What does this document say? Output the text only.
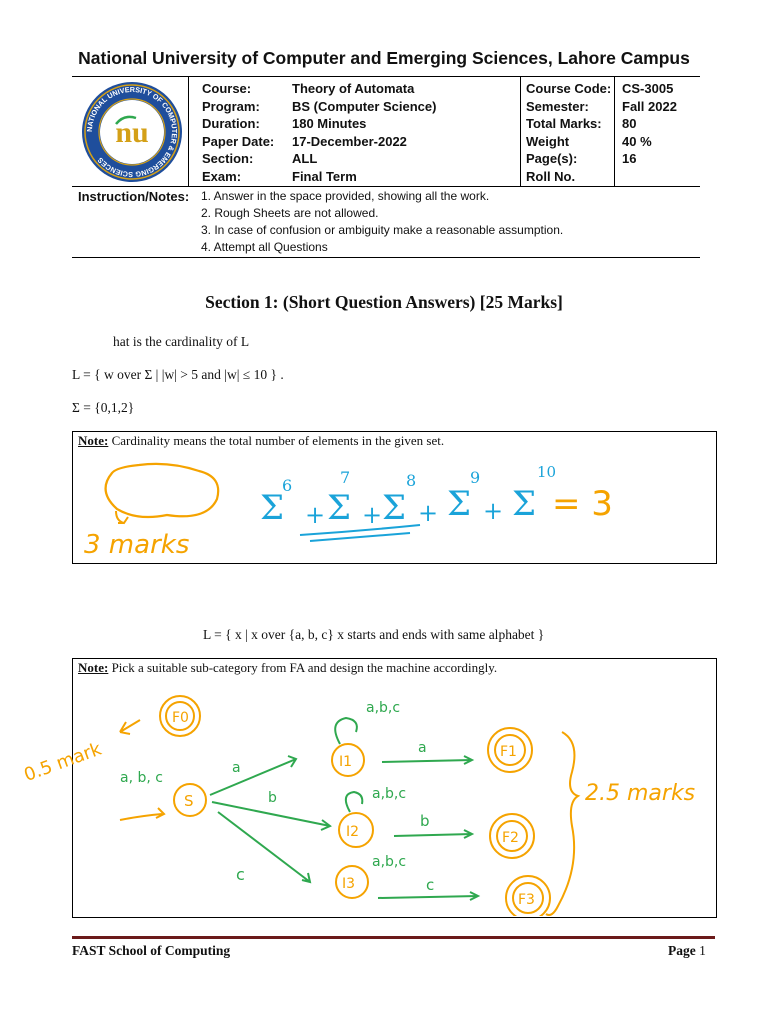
National University of Computer and Emerging Sciences, Lahore Campus
NATIONAL UNIVERSITY OF COMPUTER & EMERGING SCIENCES
nu
Course:
Program:
Duration:
Paper Date:
Section:
Exam:
Theory of Automata
BS (Computer Science)
180 Minutes
17-December-2022
ALL
Final Term
Course Code:
Semester:
Total Marks:
Weight
Page(s):
Roll No.
CS-3005
Fall 2022
80
40 %
16
Instruction/Notes: 1. Answer in the space provided, showing all the work.
2. Rough Sheets are not allowed.
3. In case of confusion or ambiguity make a reasonable assumption.
4. Attempt all Questions
Section 1: (Short Question Answers) [25 Marks]
hat is the cardinality of L
L = { w over Σ | |w| > 5 and |w| ≤ 10 } .
Σ = {0,1,2}
Note: Cardinality means the total number of elements in the given set.
3 marks
Σ
6
+ Σ
7
+ Σ
8
+ Σ
9
+ Σ
10
= 3
L = { x | x over {a, b, c} x starts and ends with same alphabet }
Note: Pick a suitable sub-category from FA and design the machine accordingly.
0.5 mark
F0
S
a, b, c
a
b
c
I1
a,b,c
a
I2
a,b,c
b
I3
a,b,c
c
F1
F2
F3
2.5 marks
FAST School of Computing	Page 1
